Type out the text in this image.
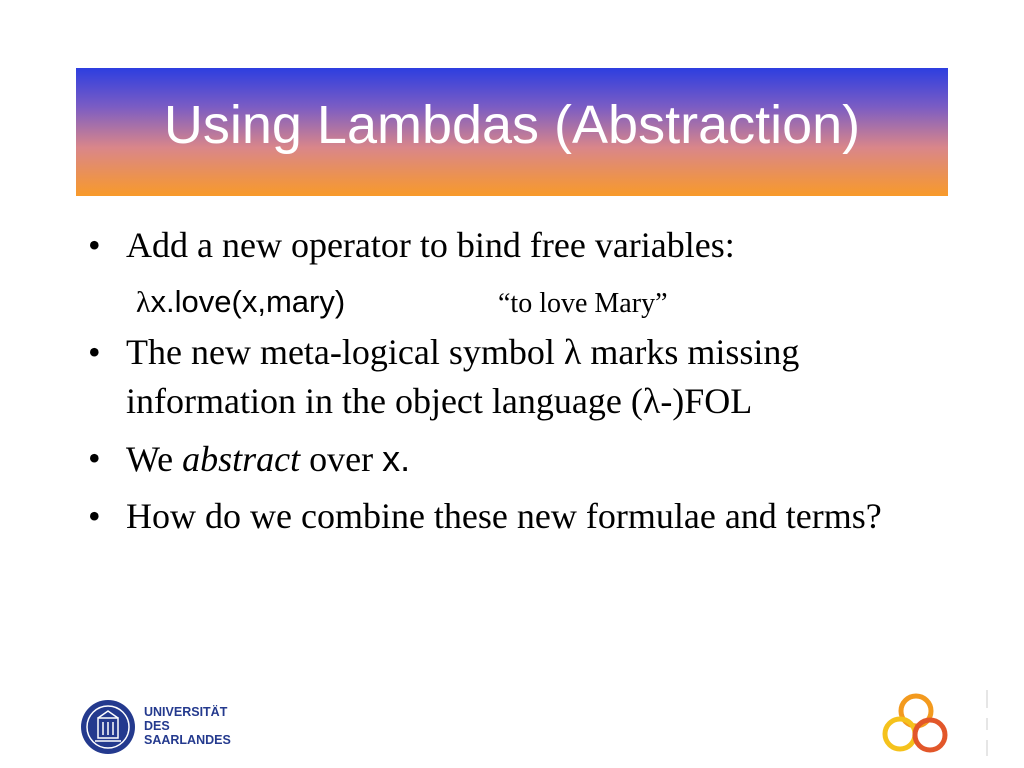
Using Lambdas (Abstraction)
• Add a new operator to bind free variables:
λx.love(x,mary)	“to love Mary”
• The new meta-logical symbol λ marks missing information in the object language (λ-)FOL
• We abstract over x.
• How do we combine these new formulae and terms?
UNIVERSITÄT
DES
SAARLANDES
